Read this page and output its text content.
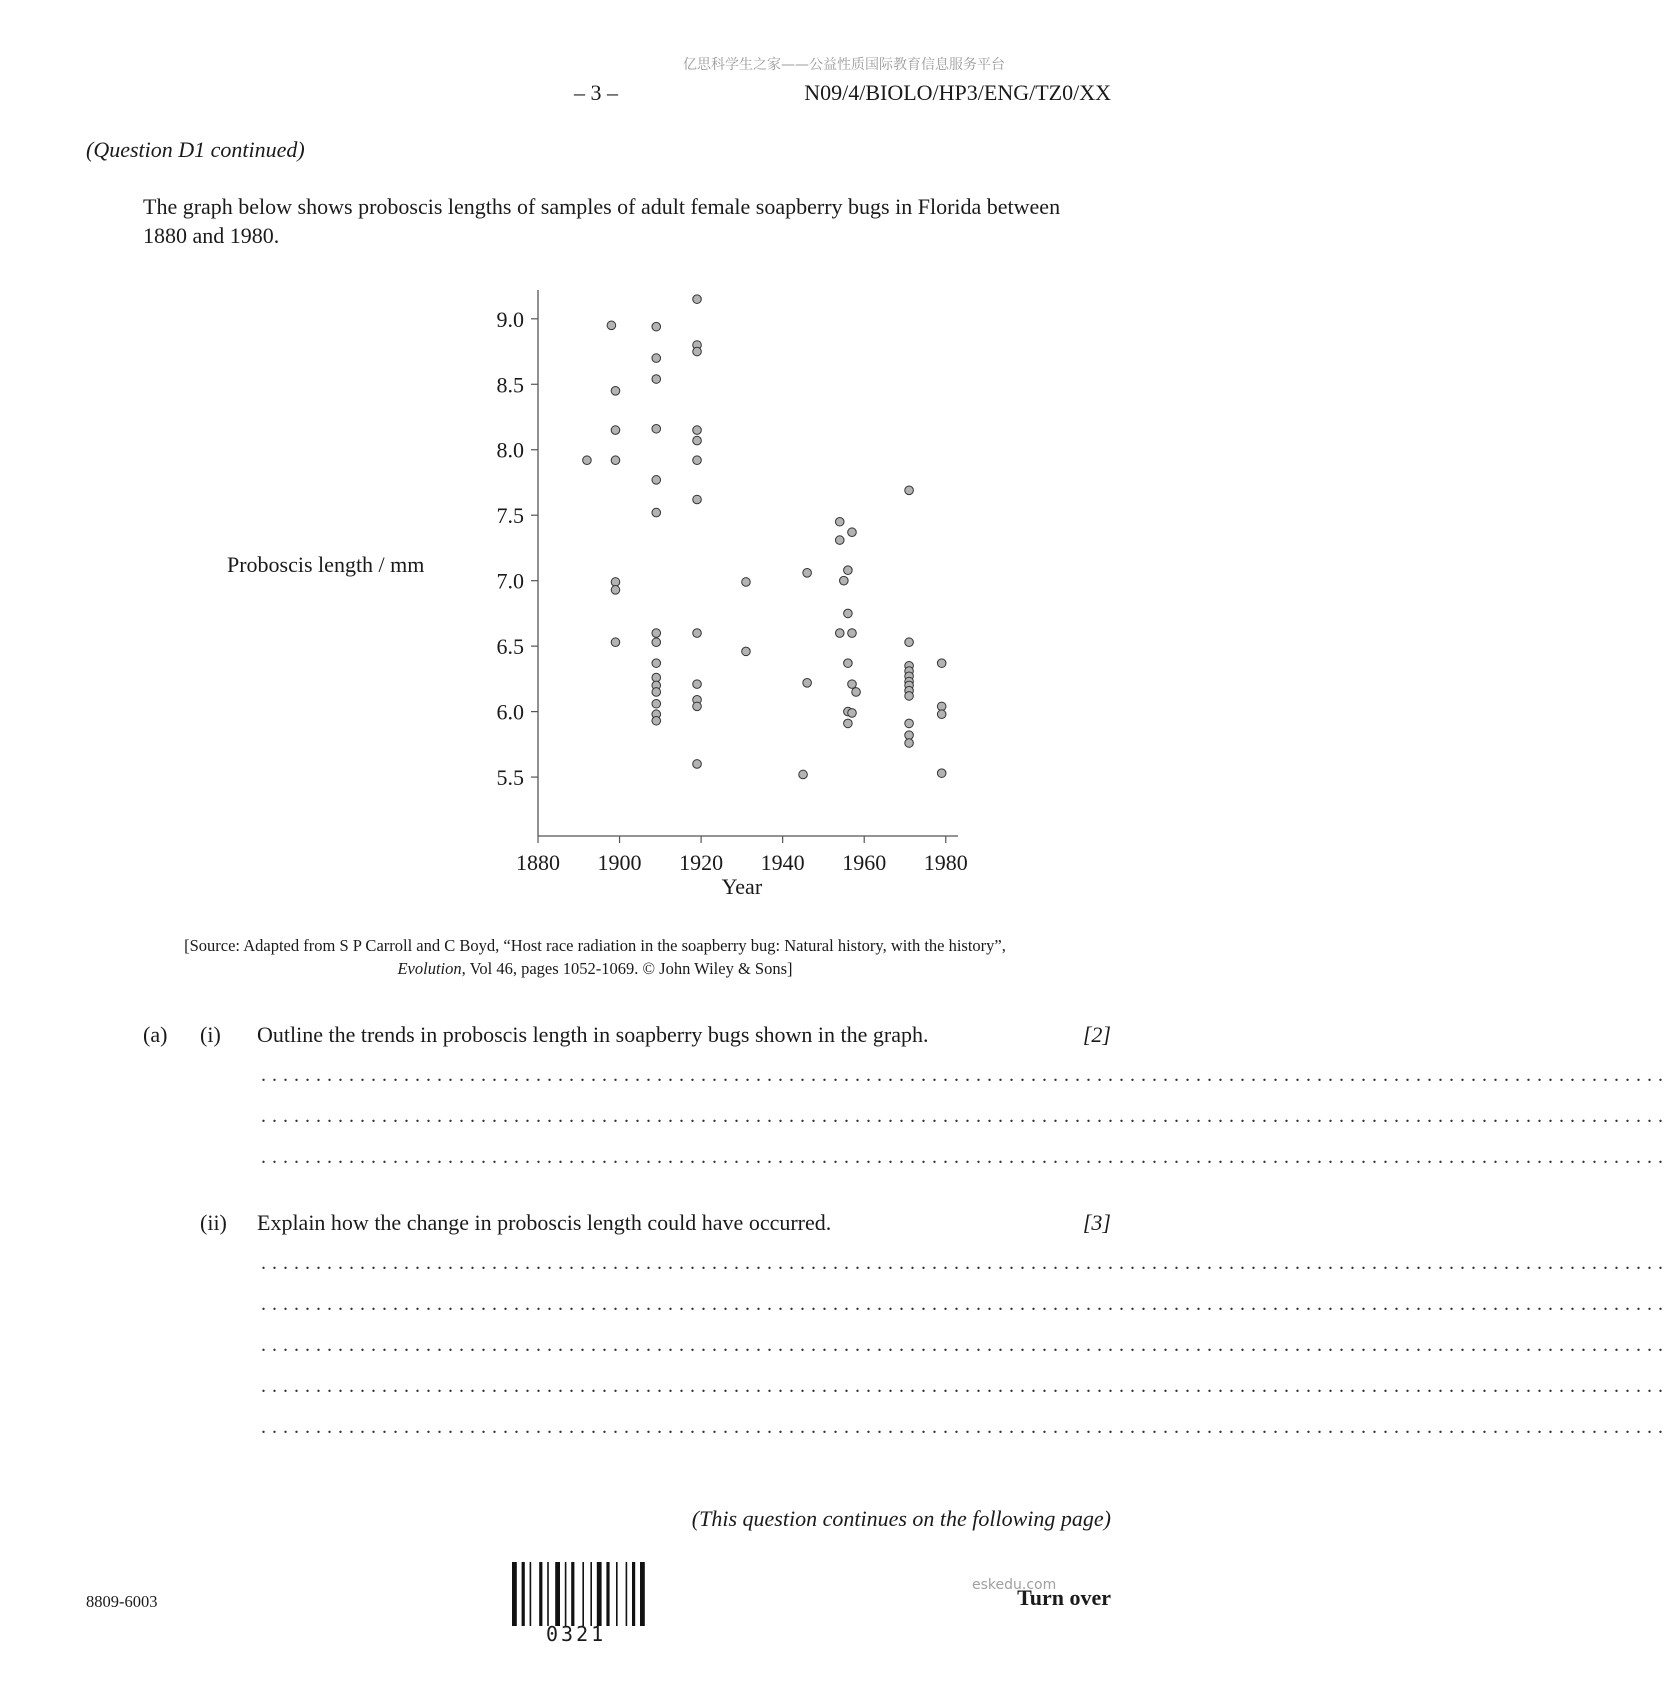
亿思科学生之家——公益性质国际教育信息服务平台
– 3 –	N09/4/BIOLO/HP3/ENG/TZ0/XX
(Question D1 continued)
The graph below shows proboscis lengths of samples of adult female soapberry bugs in Florida between 1880 and 1980.
Proboscis length / mm
5.5
6.0
6.5
7.0
7.5
8.0
8.5
9.0
1880 1900 1920 1940 1960 1980
Year
[Source: Adapted from S P Carroll and C Boyd, “Host race radiation in the soapberry bug: Natural history, with the history”,
Evolution, Vol 46, pages 1052-1069. © John Wiley & Sons]
(a) (i) Outline the trends in proboscis length in soapberry bugs shown in the graph.	[2]
................................................................................................................................
................................................................................................................................
................................................................................................................................
(ii) Explain how the change in proboscis length could have occurred.	[3]
................................................................................................................................
................................................................................................................................
................................................................................................................................
................................................................................................................................
................................................................................................................................
(This question continues on the following page)
8809-6003
0321
eskedu.com
Turn over
